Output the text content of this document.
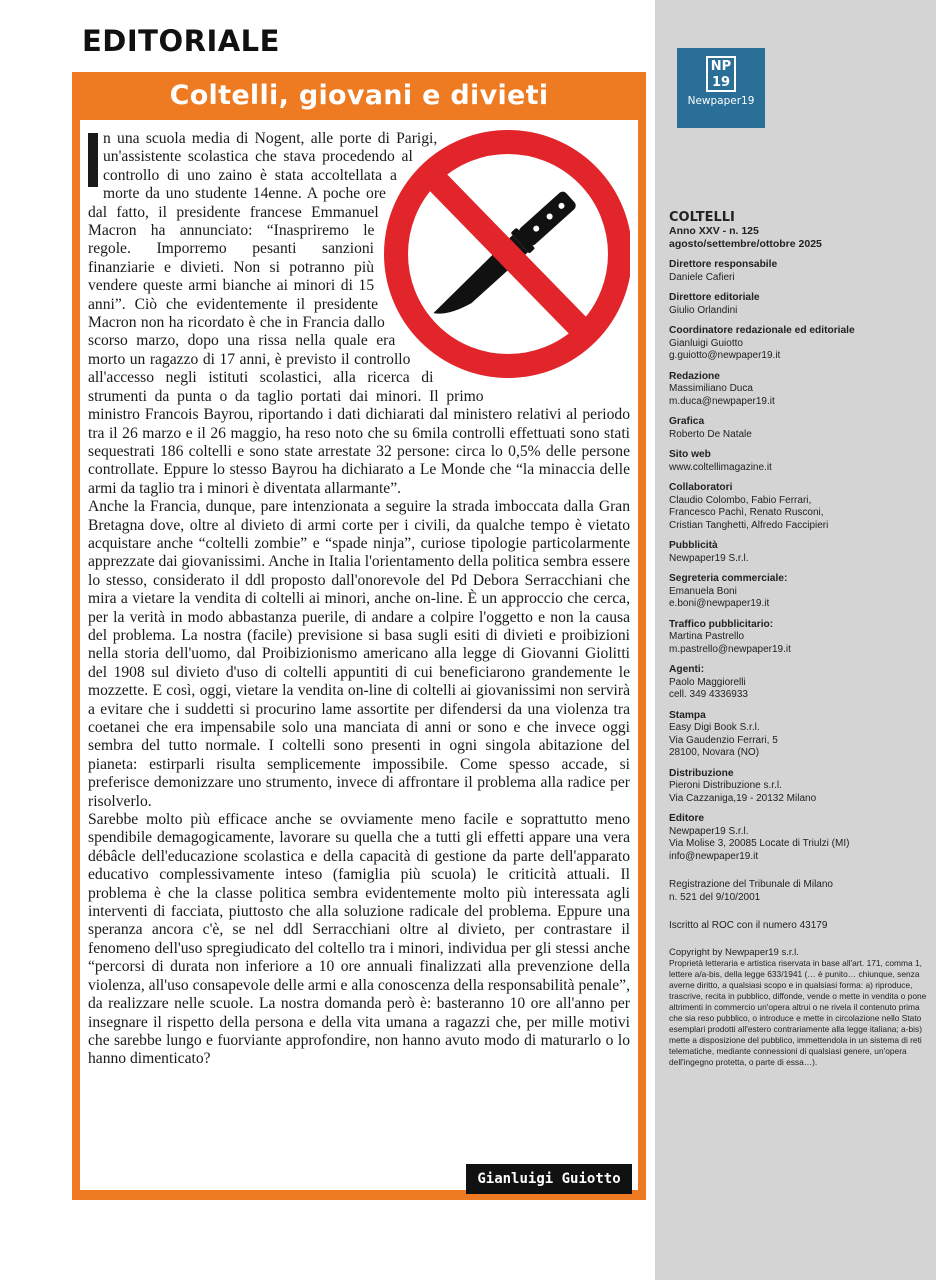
EDITORIALE
Coltelli, giovani e divieti

n una scuola media di Nogent, alle porte di Parigi, un'assistente scolastica che stava procedendo al controllo di uno zaino è stata accoltellata a morte da uno studente 14enne. A poche ore dal fatto, il presidente francese Emmanuel Macron ha annunciato: “Inaspriremo le regole. Imporremo pesanti sanzioni finanziarie e divieti. Non si potranno più vendere queste armi bianche ai minori di 15 anni”. Ciò che evidentemente il presidente Macron non ha ricordato è che in Francia dallo scorso marzo, dopo una rissa nella quale era morto un ragazzo di 17 anni, è previsto il controllo all'accesso negli istituti scolastici, alla ricerca di strumenti da punta o da taglio portati dai minori. Il primo ministro Francois Bayrou, riportando i dati dichiarati dal ministero relativi al periodo tra il 26 marzo e il 26 maggio, ha reso noto che su 6mila controlli effettuati sono stati sequestrati 186 coltelli e sono state arrestate 32 persone: circa lo 0,5% delle persone controllate. Eppure lo stesso Bayrou ha dichiarato a Le Monde che “la minaccia delle armi da taglio tra i minori è diventata allarmante”.

Anche la Francia, dunque, pare intenzionata a seguire la strada imboccata dalla Gran Bretagna dove, oltre al divieto di armi corte per i civili, da qualche tempo è vietato acquistare anche “coltelli zombie” e “spade ninja”, curiose tipologie particolarmente apprezzate dai giovanissimi. Anche in Italia l'orientamento della politica sembra essere lo stesso, considerato il ddl proposto dall'onorevole del Pd Debora Serracchiani che mira a vietare la vendita di coltelli ai minori, anche on-line. È un approccio che cerca, per la verità in modo abbastanza puerile, di andare a colpire l'oggetto e non la causa del problema. La nostra (facile) previsione si basa sugli esiti di divieti e proibizioni nella storia dell'uomo, dal Proibizionismo americano alla legge di Giovanni Giolitti del 1908 sul divieto d'uso di coltelli appuntiti di cui beneficiarono grandemente le mozzette. E così, oggi, vietare la vendita on-line di coltelli ai giovanissimi non servirà a evitare che i suddetti si procurino lame assortite per difendersi da una violenza tra coetanei che era impensabile solo una manciata di anni or sono e che invece oggi sembra del tutto normale. I coltelli sono presenti in ogni singola abitazione del pianeta: estirparli risulta semplicemente impossibile. Come spesso accade, si preferisce demonizzare uno strumento, invece di affrontare il problema alla radice per risolverlo.

Sarebbe molto più efficace anche se ovviamente meno facile e soprattutto meno spendibile demagogicamente, lavorare su quella che a tutti gli effetti appare una vera débâcle dell'educazione scolastica e della capacità di gestione da parte dell'apparato educativo complessivamente inteso (famiglia più scuola) le criticità attuali. Il problema è che la classe politica sembra evidentemente molto più interessata agli interventi di facciata, piuttosto che alla soluzione radicale del problema. Eppure una speranza ancora c'è, se nel ddl Serracchiani oltre al divieto, per contrastare il fenomeno dell'uso spregiudicato del coltello tra i minori, individua per gli stessi anche “percorsi di durata non inferiore a 10 ore annuali finalizzati alla prevenzione della violenza, all'uso consapevole delle armi e alla conoscenza della responsabilità penale”, da realizzare nelle scuole. La nostra domanda però è: basteranno 10 ore all'anno per insegnare il rispetto della persona e della vita umana a ragazzi che, per mille motivi che sarebbe lungo e fuorviante approfondire, non hanno avuto modo di maturarlo o lo hanno dimenticato?

Gianluigi Guiotto
NP
19
Newpaper19
COLTELLI
Anno XXV - n. 125
agosto/settembre/ottobre 2025
Direttore responsabile
Daniele Cafieri
Direttore editoriale
Giulio Orlandini
Coordinatore redazionale ed editoriale
Gianluigi Guiotto
g.guiotto@newpaper19.it
Redazione
Massimiliano Duca
m.duca@newpaper19.it
Grafica
Roberto De Natale
Sito web
www.coltellimagazine.it
Collaboratori
Claudio Colombo, Fabio Ferrari,
Francesco Pachì, Renato Rusconi,
Cristian Tanghetti, Alfredo Faccipieri
Pubblicità
Newpaper19 S.r.l.
Segreteria commerciale:
Emanuela Boni
e.boni@newpaper19.it
Traffico pubblicitario:
Martina Pastrello
m.pastrello@newpaper19.it
Agenti:
Paolo Maggiorelli
cell. 349 4336933
Stampa
Easy Digi Book S.r.l.
Via Gaudenzio Ferrari, 5
28100, Novara (NO)
Distribuzione
Pieroni Distribuzione s.r.l.
Via Cazzaniga,19 - 20132 Milano
Editore
Newpaper19 S.r.l.
Via Molise 3, 20085 Locate di Triulzi (MI)
info@newpaper19.it
Registrazione del Tribunale di Milano
n. 521 del 9/10/2001
Iscritto al ROC con il numero 43179
Copyright by Newpaper19 s.r.l.
Proprietà letteraria e artistica riservata in base all'art. 171, comma 1, lettere a/a-bis, della legge 633/1941 (… è punito… chiunque, senza averne diritto, a qualsiasi scopo e in qualsiasi forma: a) riproduce, trascrive, recita in pubblico, diffonde, vende o mette in vendita o pone altrimenti in commercio un'opera altrui o ne rivela il contenuto prima che sia reso pubblico, o introduce e mette in circolazione nello Stato esemplari prodotti all'estero contrariamente alla legge italiana; a-bis) mette a disposizione del pubblico, immettendola in un sistema di reti telematiche, mediante connessioni di qualsiasi genere, un'opera dell'ingegno protetta, o parte di essa…).
